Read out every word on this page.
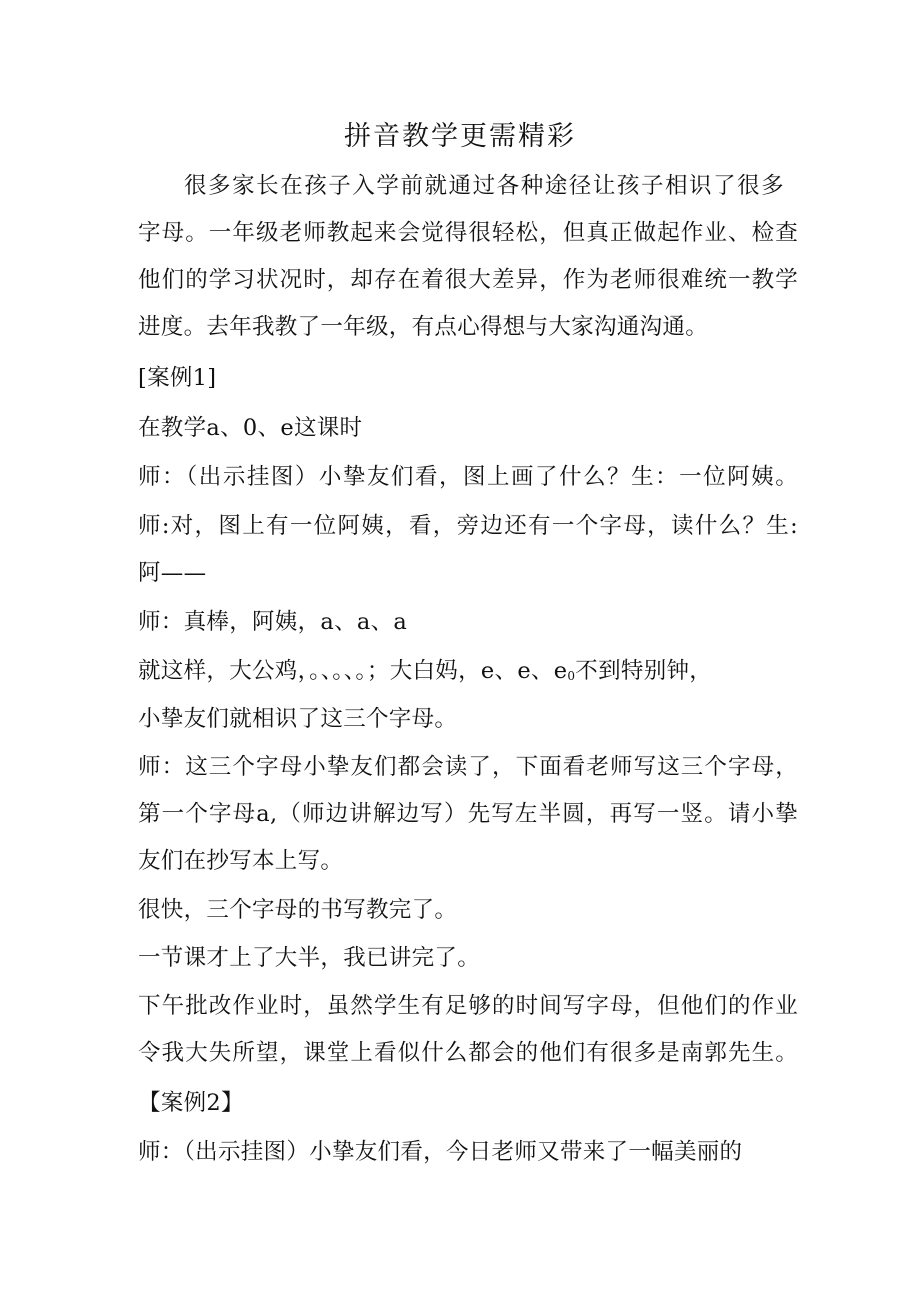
拼音教学更需精彩
很多家长在孩子入学前就通过各种途径让孩子相识了很多
字母。一年级老师教起来会觉得很轻松，但真正做起作业、检查
他们的学习状况时，却存在着很大差异，作为老师很难统一教学
进度。去年我教了一年级，有点心得想与大家沟通沟通。
[案例1]
在教学a、0、e这课时
师：（出示挂图）小挚友们看，图上画了什么？生：一位阿姨。
师:对，图上有一位阿姨，看，旁边还有一个字母，读什么？生:
阿——
师：真棒，阿姨，a、a、a
就这样，大公鸡，。、。、。；大白妈，e、e、$e_0$不到特别钟，
小挚友们就相识了这三个字母。
师：这三个字母小挚友们都会读了，下面看老师写这三个字母，
第一个字母a,（师边讲解边写）先写左半圆，再写一竖。请小挚
友们在抄写本上写。
很快，三个字母的书写教完了。
一节课才上了大半，我已讲完了。
下午批改作业时，虽然学生有足够的时间写字母，但他们的作业
令我大失所望，课堂上看似什么都会的他们有很多是南郭先生。
【案例2】
师：（出示挂图）小挚友们看，今日老师又带来了一幅美丽的
